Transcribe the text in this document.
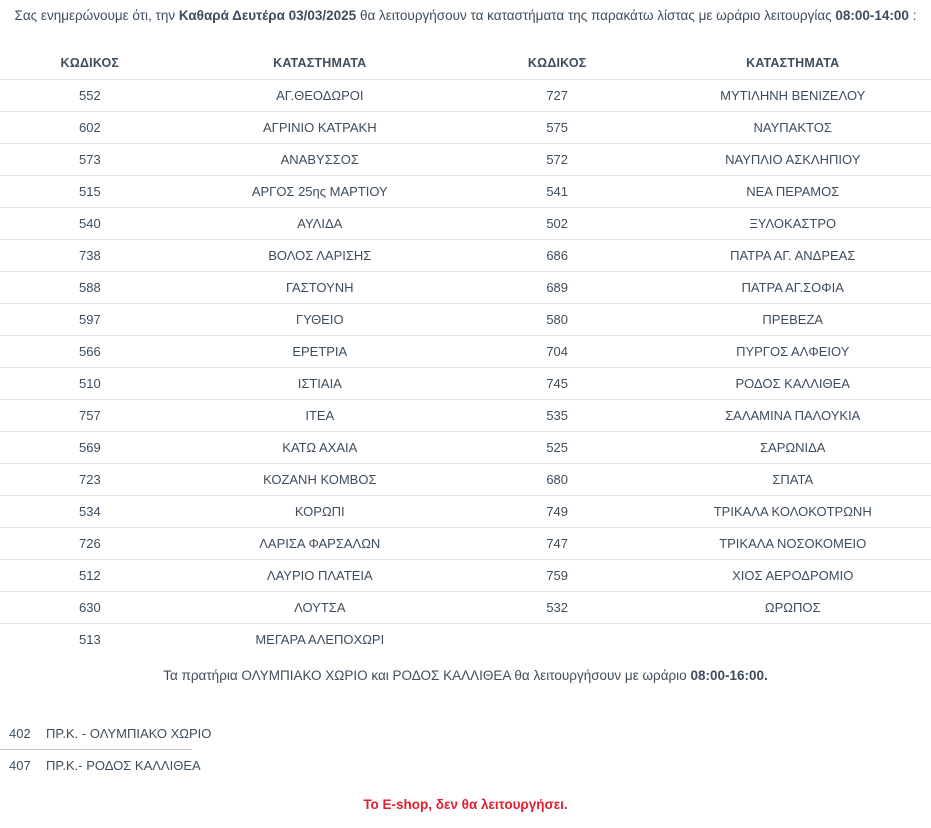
Σας ενημερώνουμε ότι, την Καθαρά Δευτέρα 03/03/2025 θα λειτουργήσουν τα καταστήματα της παρακάτω λίστας με ωράριο λειτουργίας 08:00-14:00 :

ΚΩΔΙΚΟΣ	ΚΑΤΑΣΤΗΜΑΤΑ	ΚΩΔΙΚΟΣ	ΚΑΤΑΣΤΗΜΑΤΑ
552	ΑΓ.ΘΕΟΔΩΡΟΙ	727	ΜΥΤΙΛΗΝΗ ΒΕΝΙΖΕΛΟΥ
602	ΑΓΡΙΝΙΟ ΚΑΤΡΑΚΗ	575	ΝΑΥΠΑΚΤΟΣ
573	ΑΝΑΒΥΣΣΟΣ	572	ΝΑΥΠΛΙΟ ΑΣΚΛΗΠΙΟΥ
515	ΑΡΓΟΣ 25ης ΜΑΡΤΙΟΥ	541	ΝΕΑ ΠΕΡΑΜΟΣ
540	ΑΥΛΙΔΑ	502	ΞΥΛΟΚΑΣΤΡΟ
738	ΒΟΛΟΣ ΛΑΡΙΣΗΣ	686	ΠΑΤΡΑ ΑΓ. ΑΝΔΡΕΑΣ
588	ΓΑΣΤΟΥΝΗ	689	ΠΑΤΡΑ ΑΓ.ΣΟΦΙΑ
597	ΓΥΘΕΙΟ	580	ΠΡΕΒΕΖΑ
566	ΕΡΕΤΡΙΑ	704	ΠΥΡΓΟΣ ΑΛΦΕΙΟΥ
510	ΙΣΤΙΑΙΑ	745	ΡΟΔΟΣ ΚΑΛΛΙΘΕΑ
757	ΙΤΕΑ	535	ΣΑΛΑΜΙΝΑ ΠΑΛΟΥΚΙΑ
569	ΚΑΤΩ ΑΧΑΙΑ	525	ΣΑΡΩΝΙΔΑ
723	ΚΟΖΑΝΗ ΚΟΜΒΟΣ	680	ΣΠΑΤΑ
534	ΚΟΡΩΠΙ	749	ΤΡΙΚΑΛΑ ΚΟΛΟΚΟΤΡΩΝΗ
726	ΛΑΡΙΣΑ ΦΑΡΣΑΛΩΝ	747	ΤΡΙΚΑΛΑ ΝΟΣΟΚΟΜΕΙΟ
512	ΛΑΥΡΙΟ ΠΛΑΤΕΙΑ	759	ΧΙΟΣ ΑΕΡΟΔΡΟΜΙΟ
630	ΛΟΥΤΣΑ	532	ΩΡΩΠΟΣ
513	ΜΕΓΑΡΑ ΑΛΕΠΟΧΩΡΙ		

Τα πρατήρια ΟΛΥΜΠΙΑΚΟ ΧΩΡΙΟ και ΡΟΔΟΣ ΚΑΛΛΙΘΕΑ θα λειτουργήσουν με ωράριο 08:00-16:00.

402	ΠΡ.Κ. - ΟΛΥΜΠΙΑΚΟ ΧΩΡΙΟ
407	ΠΡ.Κ.- ΡΟΔΟΣ ΚΑΛΛΙΘΕΑ

Το E-shop, δεν θα λειτουργήσει.
